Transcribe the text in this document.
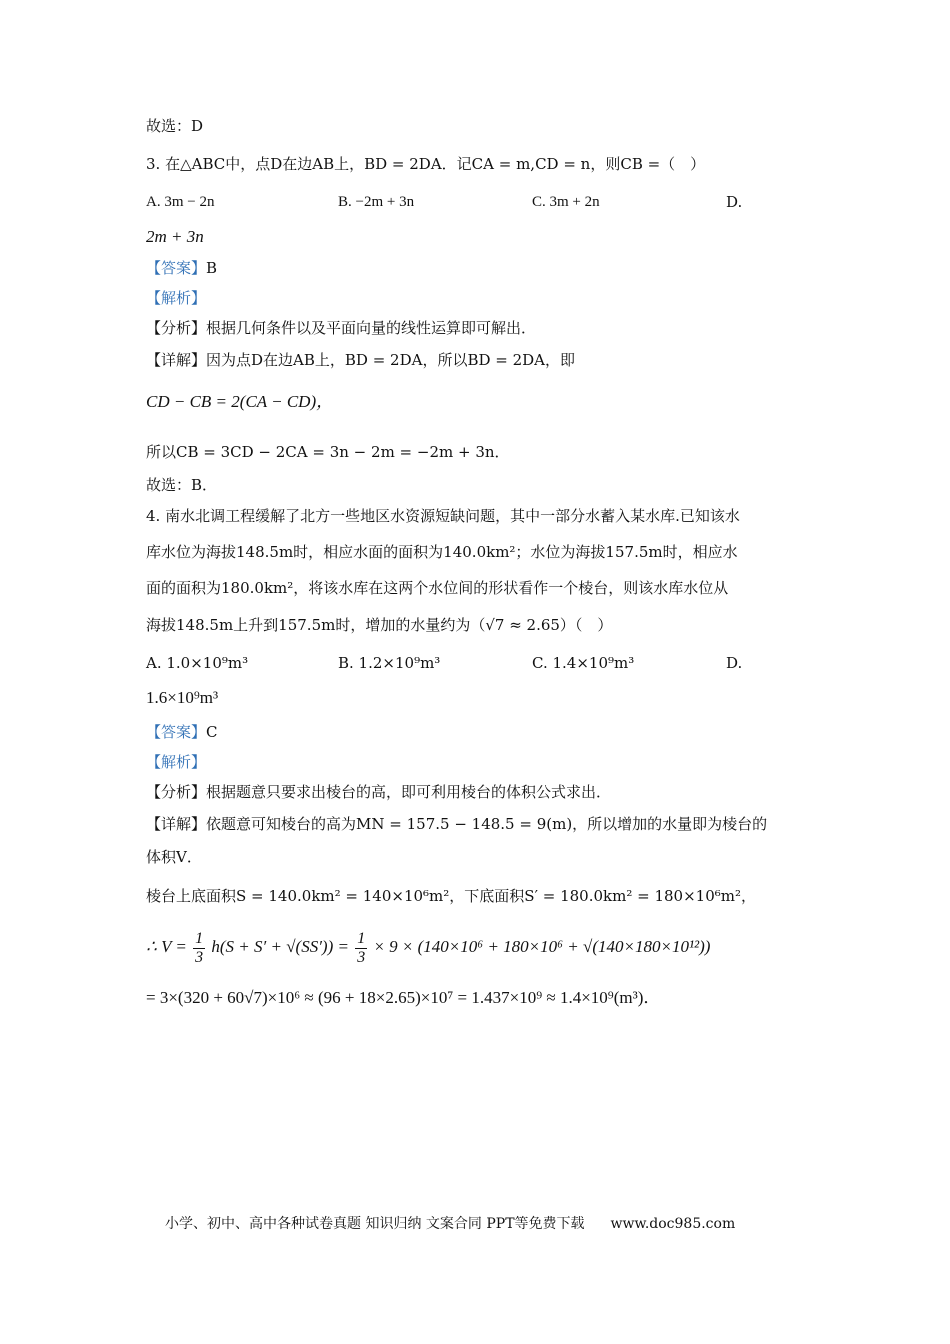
故选：D
3. 在△ABC中，点D在边AB上，BD = 2DA．记CA = m,CD = n，则CB =（　）
A. 3m − 2n	B. −2m + 3n	C. 3m + 2n	D.
2m + 3n
【答案】B
【解析】
【分析】根据几何条件以及平面向量的线性运算即可解出．
【详解】因为点D在边AB上，BD = 2DA，所以BD = 2DA，即
CD − CB = 2(CA − CD)，
所以CB = 3CD − 2CA = 3n − 2m = −2m + 3n．
故选：B．
4. 南水北调工程缓解了北方一些地区水资源短缺问题，其中一部分水蓄入某水库.已知该水
库水位为海拔148.5m时，相应水面的面积为140.0km²；水位为海拔157.5m时，相应水
面的面积为180.0km²，将该水库在这两个水位间的形状看作一个棱台，则该水库水位从
海拔148.5m上升到157.5m时，增加的水量约为（√7 ≈ 2.65）（　）
A. 1.0×10⁹m³	B. 1.2×10⁹m³	C. 1.4×10⁹m³	D.
1.6×10⁹m³
【答案】C
【解析】
【分析】根据题意只要求出棱台的高，即可利用棱台的体积公式求出．
【详解】依题意可知棱台的高为MN = 157.5 − 148.5 = 9(m)，所以增加的水量即为棱台的
体积V．
棱台上底面积S = 140.0km² = 140×10⁶m²，下底面积S′ = 180.0km² = 180×10⁶m²，
∴ $V = \frac{1}{3} h(S + S' + √(SS')) = \frac{1}{3} \times 9 \times (140\times 10^6 + 180\times 10^6 + √(140\times 180\times 10^{12}))$
= 3×(320 + 60√7)×10⁶ ≈ (96 + 18×2.65)×10⁷ = 1.437×10⁹ ≈ 1.4×10⁹(m³)．
小学、初中、高中各种试卷真题 知识归纳 文案合同 PPT等免费下载 www.doc985.com
